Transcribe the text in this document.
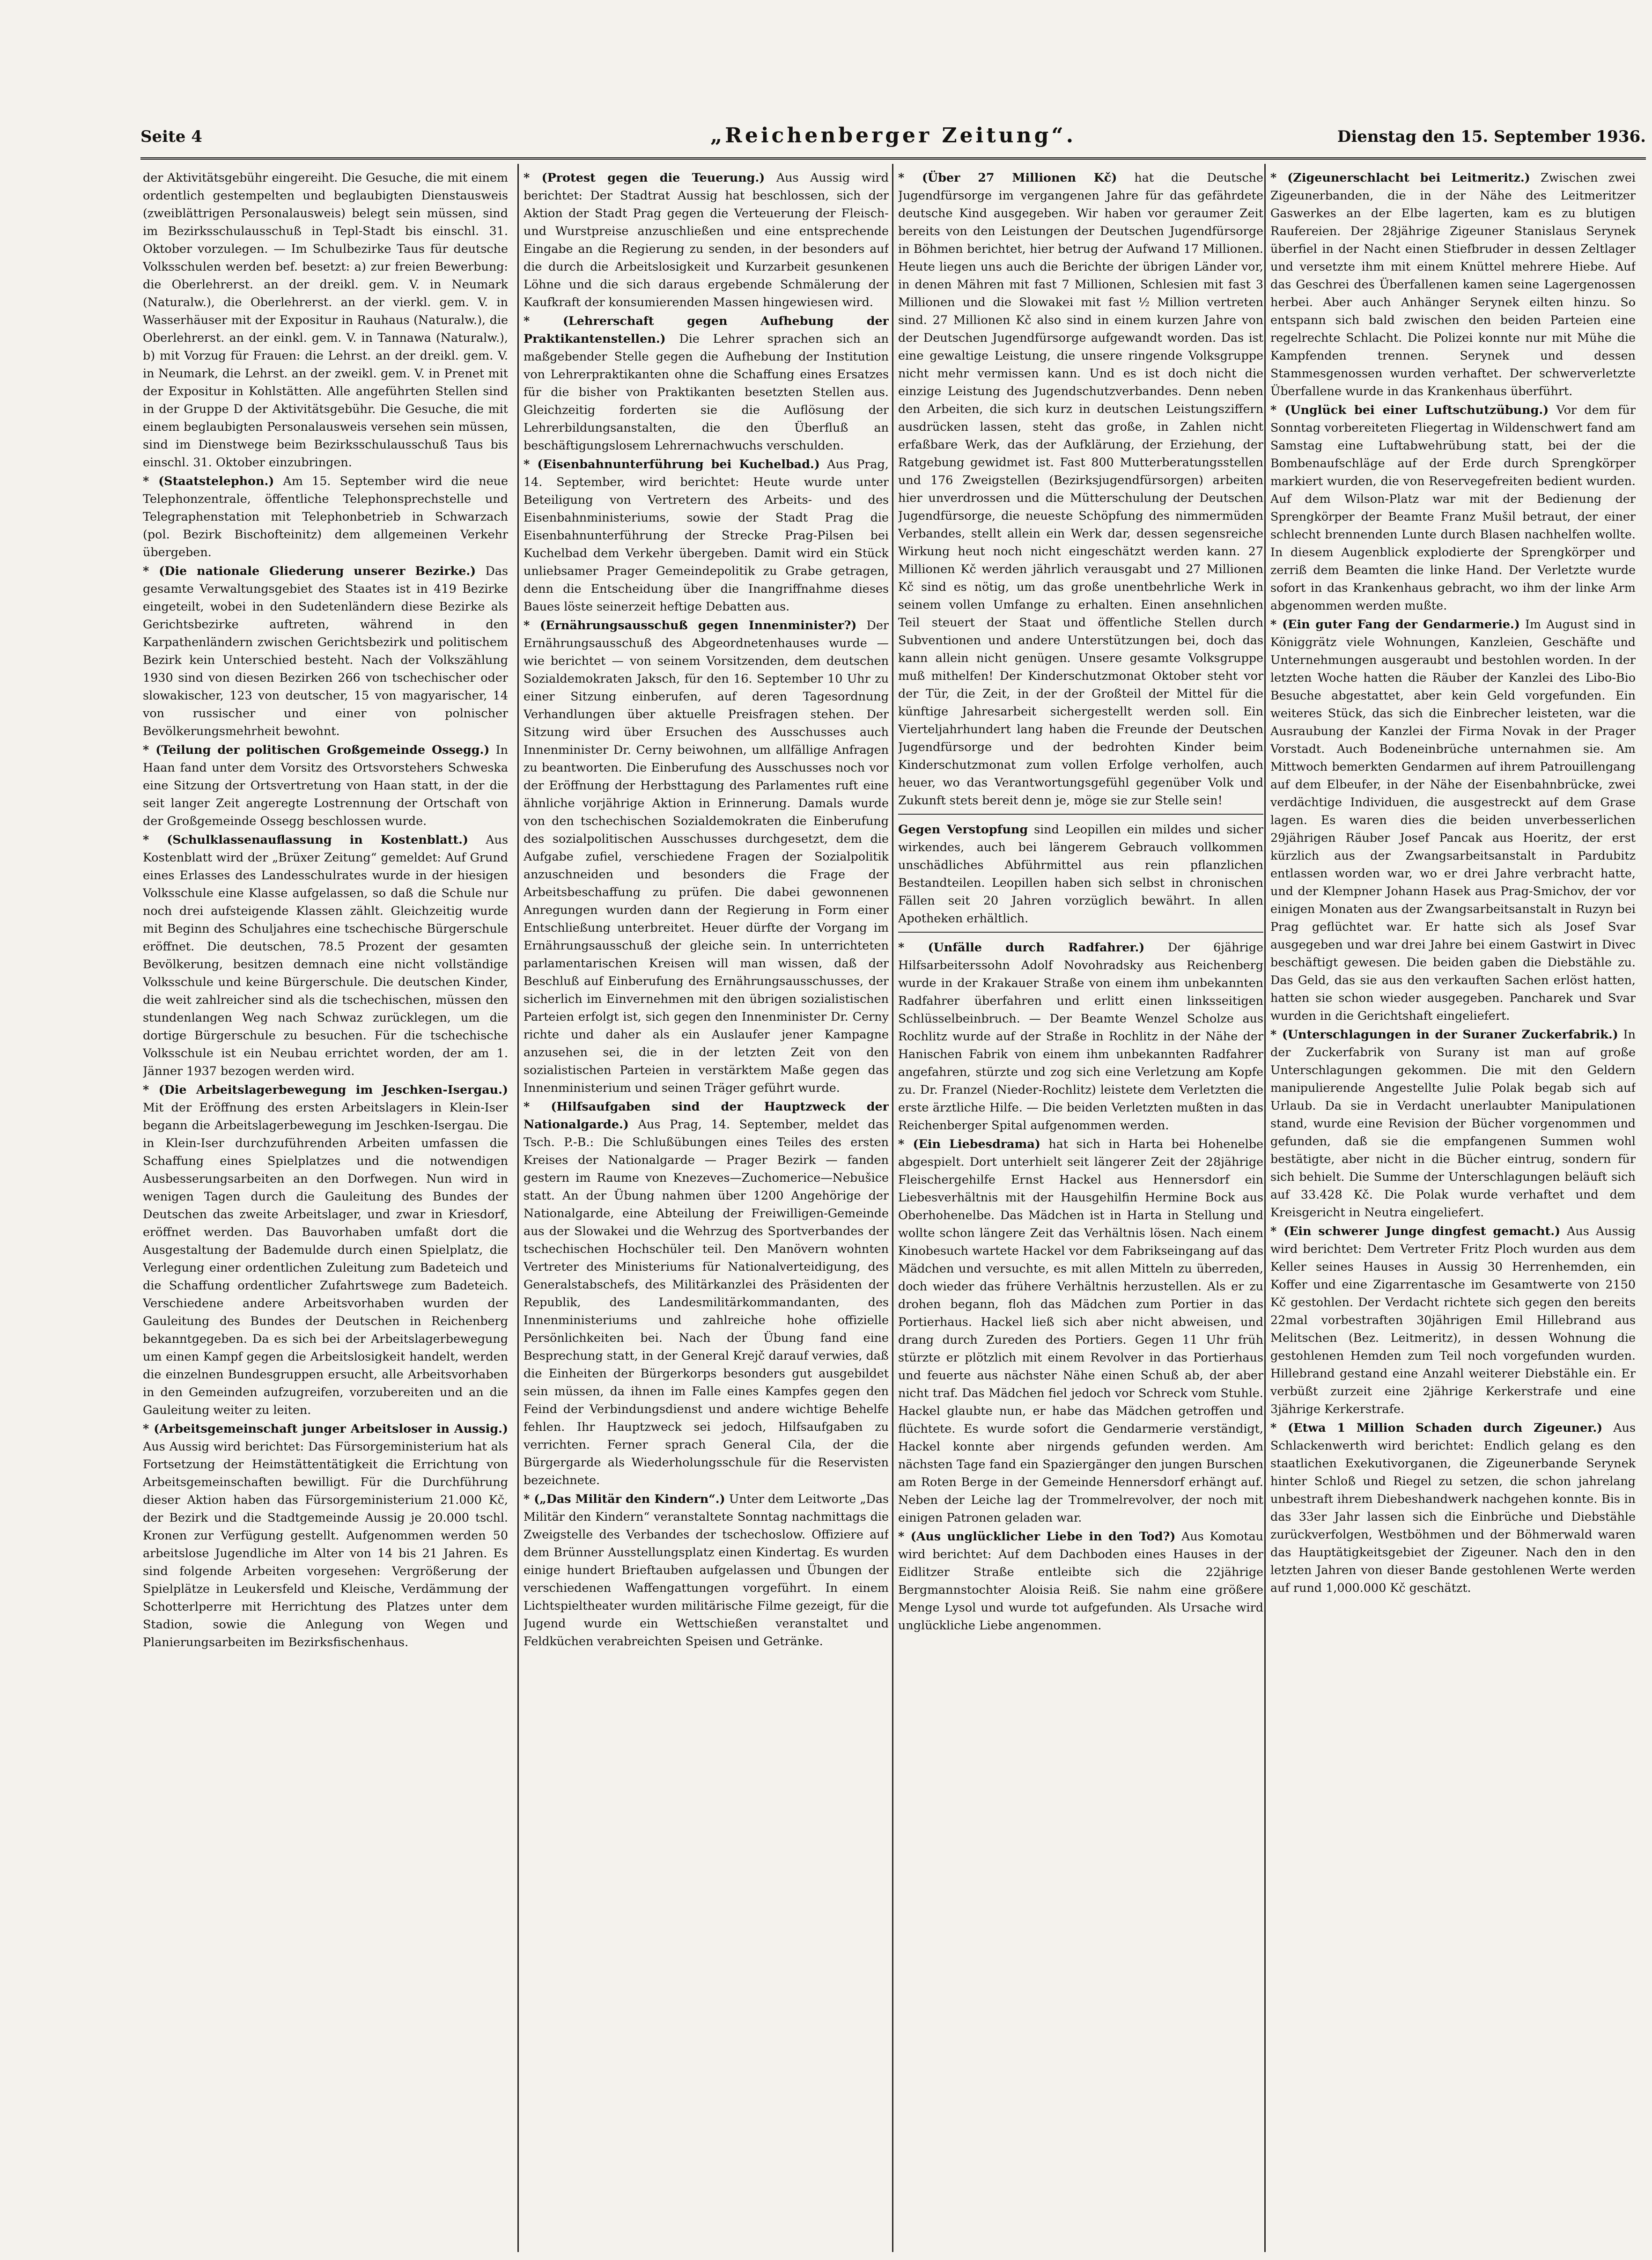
Seite 4	„Reichenberger Zeitung“.	Dienstag den 15. September 1936.

der Aktivitätsgebühr eingereiht. Die Gesuche, die mit einem ordentlich gestempelten und beglaubigten Dienstausweis (zweiblättrigen Personalausweis) belegt sein müssen, sind im Bezirksschulausschuß in Tepl-Stadt bis einschl. 31. Oktober vorzulegen. — Im Schulbezirke Taus für deutsche Volksschulen werden bef. besetzt: a) zur freien Bewerbung: die Oberlehrerst. an der dreikl. gem. V. in Neumark (Naturalw.), die Oberlehrerst. an der vierkl. gem. V. in Wasserhäuser mit der Expositur in Rauhaus (Naturalw.), die Oberlehrerst. an der einkl. gem. V. in Tannawa (Naturalw.), b) mit Vorzug für Frauen: die Lehrst. an der dreikl. gem. V. in Neumark, die Lehrst. an der zweikl. gem. V. in Prenet mit der Expositur in Kohlstätten. Alle angeführten Stellen sind in der Gruppe D der Aktivitätsgebühr. Die Gesuche, die mit einem beglaubigten Personalausweis versehen sein müssen, sind im Dienstwege beim Bezirksschulausschuß Taus bis einschl. 31. Oktober einzubringen.

* (Staatstelephon.) Am 15. September wird die neue Telephonzentrale, öffentliche Telephonsprechstelle und Telegraphenstation mit Telephonbetrieb in Schwarzach (pol. Bezirk Bischofteinitz) dem allgemeinen Verkehr übergeben.

* (Die nationale Gliederung unserer Bezirke.) Das gesamte Verwaltungsgebiet des Staates ist in 419 Bezirke eingeteilt, wobei in den Sudetenländern diese Bezirke als Gerichtsbezirke auftreten, während in den Karpathenländern zwischen Gerichtsbezirk und politischem Bezirk kein Unterschied besteht. Nach der Volkszählung 1930 sind von diesen Bezirken 266 von tschechischer oder slowakischer, 123 von deutscher, 15 von magyarischer, 14 von russischer und einer von polnischer Bevölkerungsmehrheit bewohnt.

* (Teilung der politischen Großgemeinde Ossegg.) In Haan fand unter dem Vorsitz des Ortsvorstehers Schweska eine Sitzung der Ortsvertretung von Haan statt, in der die seit langer Zeit angeregte Lostrennung der Ortschaft von der Großgemeinde Ossegg beschlossen wurde.

* (Schulklassenauflassung in Kostenblatt.) Aus Kostenblatt wird der „Brüxer Zeitung“ gemeldet: Auf Grund eines Erlasses des Landesschulrates wurde in der hiesigen Volksschule eine Klasse aufgelassen, so daß die Schule nur noch drei aufsteigende Klassen zählt. Gleichzeitig wurde mit Beginn des Schuljahres eine tschechische Bürgerschule eröffnet. Die deutschen, 78.5 Prozent der gesamten Bevölkerung, besitzen demnach eine nicht vollständige Volksschule und keine Bürgerschule. Die deutschen Kinder, die weit zahlreicher sind als die tschechischen, müssen den stundenlangen Weg nach Schwaz zurücklegen, um die dortige Bürgerschule zu besuchen. Für die tschechische Volksschule ist ein Neubau errichtet worden, der am 1. Jänner 1937 bezogen werden wird.

* (Die Arbeitslagerbewegung im Jeschken-Isergau.) Mit der Eröffnung des ersten Arbeitslagers in Klein-Iser begann die Arbeitslagerbewegung im Jeschken-Isergau. Die in Klein-Iser durchzuführenden Arbeiten umfassen die Schaffung eines Spielplatzes und die notwendigen Ausbesserungsarbeiten an den Dorfwegen. Nun wird in wenigen Tagen durch die Gauleitung des Bundes der Deutschen das zweite Arbeitslager, und zwar in Kriesdorf, eröffnet werden. Das Bauvorhaben umfaßt dort die Ausgestaltung der Bademulde durch einen Spielplatz, die Verlegung einer ordentlichen Zuleitung zum Badeteich und die Schaffung ordentlicher Zufahrtswege zum Badeteich. Verschiedene andere Arbeitsvorhaben wurden der Gauleitung des Bundes der Deutschen in Reichenberg bekanntgegeben. Da es sich bei der Arbeitslagerbewegung um einen Kampf gegen die Arbeitslosigkeit handelt, werden die einzelnen Bundesgruppen ersucht, alle Arbeitsvorhaben in den Gemeinden aufzugreifen, vorzubereiten und an die Gauleitung weiter zu leiten.

* (Arbeitsgemeinschaft junger Arbeitsloser in Aussig.) Aus Aussig wird berichtet: Das Fürsorgeministerium hat als Fortsetzung der Heimstättentätigkeit die Errichtung von Arbeitsgemeinschaften bewilligt. Für die Durchführung dieser Aktion haben das Fürsorgeministerium 21.000 Kč, der Bezirk und die Stadtgemeinde Aussig je 20.000 tschl. Kronen zur Verfügung gestellt. Aufgenommen werden 50 arbeitslose Jugendliche im Alter von 14 bis 21 Jahren. Es sind folgende Arbeiten vorgesehen: Vergrößerung der Spielplätze in Leukersfeld und Kleische, Verdämmung der Schotterlperre mit Herrichtung des Platzes unter dem Stadion, sowie die Anlegung von Wegen und Planierungsarbeiten im Bezirksfischenhaus.

* (Protest gegen die Teuerung.) Aus Aussig wird berichtet: Der Stadtrat Aussig hat beschlossen, sich der Aktion der Stadt Prag gegen die Verteuerung der Fleisch- und Wurstpreise anzuschließen und eine entsprechende Eingabe an die Regierung zu senden, in der besonders auf die durch die Arbeitslosigkeit und Kurzarbeit gesunkenen Löhne und die sich daraus ergebende Schmälerung der Kaufkraft der konsumierenden Massen hingewiesen wird.

* (Lehrerschaft gegen Aufhebung der Praktikantenstellen.) Die Lehrer sprachen sich an maßgebender Stelle gegen die Aufhebung der Institution von Lehrerpraktikanten ohne die Schaffung eines Ersatzes für die bisher von Praktikanten besetzten Stellen aus. Gleichzeitig forderten sie die Auflösung der Lehrerbildungsanstalten, die den Überfluß an beschäftigungslosem Lehrernachwuchs verschulden.

* (Eisenbahnunterführung bei Kuchelbad.) Aus Prag, 14. September, wird berichtet: Heute wurde unter Beteiligung von Vertretern des Arbeits- und des Eisenbahnministeriums, sowie der Stadt Prag die Eisenbahnunterführung der Strecke Prag-Pilsen bei Kuchelbad dem Verkehr übergeben. Damit wird ein Stück unliebsamer Prager Gemeindepolitik zu Grabe getragen, denn die Entscheidung über die Inangriffnahme dieses Baues löste seinerzeit heftige Debatten aus.

* (Ernährungsausschuß gegen Innenminister?) Der Ernährungsausschuß des Abgeordnetenhauses wurde — wie berichtet — von seinem Vorsitzenden, dem deutschen Sozialdemokraten Jaksch, für den 16. September 10 Uhr zu einer Sitzung einberufen, auf deren Tagesordnung Verhandlungen über aktuelle Preisfragen stehen. Der Sitzung wird über Ersuchen des Ausschusses auch Innenminister Dr. Cerny beiwohnen, um allfällige Anfragen zu beantworten. Die Einberufung des Ausschusses noch vor der Eröffnung der Herbsttagung des Parlamentes ruft eine ähnliche vorjährige Aktion in Erinnerung. Damals wurde von den tschechischen Sozialdemokraten die Einberufung des sozialpolitischen Ausschusses durchgesetzt, dem die Aufgabe zufiel, verschiedene Fragen der Sozialpolitik anzuschneiden und besonders die Frage der Arbeitsbeschaffung zu prüfen. Die dabei gewonnenen Anregungen wurden dann der Regierung in Form einer Entschließung unterbreitet. Heuer dürfte der Vorgang im Ernährungsausschuß der gleiche sein. In unterrichteten parlamentarischen Kreisen will man wissen, daß der Beschluß auf Einberufung des Ernährungsausschusses, der sicherlich im Einvernehmen mit den übrigen sozialistischen Parteien erfolgt ist, sich gegen den Innenminister Dr. Cerny richte und daher als ein Auslaufer jener Kampagne anzusehen sei, die in der letzten Zeit von den sozialistischen Parteien in verstärktem Maße gegen das Innenministerium und seinen Träger geführt wurde.

* (Hilfsaufgaben sind der Hauptzweck der Nationalgarde.) Aus Prag, 14. September, meldet das Tsch. P.-B.: Die Schlußübungen eines Teiles des ersten Kreises der Nationalgarde — Prager Bezirk — fanden gestern im Raume von Knezeves—Zuchomerice—Nebušice statt. An der Übung nahmen über 1200 Angehörige der Nationalgarde, eine Abteilung der Freiwilligen-Gemeinde aus der Slowakei und die Wehrzug des Sportverbandes der tschechischen Hochschüler teil. Den Manövern wohnten Vertreter des Ministeriums für Nationalverteidigung, des Generalstabschefs, des Militärkanzlei des Präsidenten der Republik, des Landesmilitärkommandanten, des Innenministeriums und zahlreiche hohe offizielle Persönlichkeiten bei. Nach der Übung fand eine Besprechung statt, in der General Krejč darauf verwies, daß die Einheiten der Bürgerkorps besonders gut ausgebildet sein müssen, da ihnen im Falle eines Kampfes gegen den Feind der Verbindungsdienst und andere wichtige Behelfe fehlen. Ihr Hauptzweck sei jedoch, Hilfsaufgaben zu verrichten. Ferner sprach General Cila, der die Bürgergarde als Wiederholungsschule für die Reservisten bezeichnete.

* („Das Militär den Kindern“.) Unter dem Leitworte „Das Militär den Kindern“ veranstaltete Sonntag nachmittags die Zweigstelle des Verbandes der tschechoslow. Offiziere auf dem Brünner Ausstellungsplatz einen Kindertag. Es wurden einige hundert Brieftauben aufgelassen und Übungen der verschiedenen Waffengattungen vorgeführt. In einem Lichtspieltheater wurden militärische Filme gezeigt, für die Jugend wurde ein Wettschießen veranstaltet und Feldküchen verabreichten Speisen und Getränke.

* (Über 27 Millionen Kč) hat die Deutsche Jugendfürsorge im vergangenen Jahre für das gefährdete deutsche Kind ausgegeben. Wir haben vor geraumer Zeit bereits von den Leistungen der Deutschen Jugendfürsorge in Böhmen berichtet, hier betrug der Aufwand 17 Millionen. Heute liegen uns auch die Berichte der übrigen Länder vor, in denen Mähren mit fast 7 Millionen, Schlesien mit fast 3 Millionen und die Slowakei mit fast ½ Million vertreten sind. 27 Millionen Kč also sind in einem kurzen Jahre von der Deutschen Jugendfürsorge aufgewandt worden. Das ist eine gewaltige Leistung, die unsere ringende Volksgruppe nicht mehr vermissen kann. Und es ist doch nicht die einzige Leistung des Jugendschutzverbandes. Denn neben den Arbeiten, die sich kurz in deutschen Leistungsziffern ausdrücken lassen, steht das große, in Zahlen nicht erfaßbare Werk, das der Aufklärung, der Erziehung, der Ratgebung gewidmet ist. Fast 800 Mutterberatungsstellen und 176 Zweigstellen (Bezirksjugendfürsorgen) arbeiten hier unverdrossen und die Mütterschulung der Deutschen Jugendfürsorge, die neueste Schöpfung des nimmermüden Verbandes, stellt allein ein Werk dar, dessen segensreiche Wirkung heut noch nicht eingeschätzt werden kann. 27 Millionen Kč werden jährlich verausgabt und 27 Millionen Kč sind es nötig, um das große unentbehrliche Werk in seinem vollen Umfange zu erhalten. Einen ansehnlichen Teil steuert der Staat und öffentliche Stellen durch Subventionen und andere Unterstützungen bei, doch das kann allein nicht genügen. Unsere gesamte Volksgruppe muß mithelfen! Der Kinderschutzmonat Oktober steht vor der Tür, die Zeit, in der der Großteil der Mittel für die künftige Jahresarbeit sichergestellt werden soll. Ein Vierteljahrhundert lang haben die Freunde der Deutschen Jugendfürsorge und der bedrohten Kinder beim Kinderschutzmonat zum vollen Erfolge verholfen, auch heuer, wo das Verantwortungsgefühl gegenüber Volk und Zukunft stets bereit denn je, möge sie zur Stelle sein!

Gegen Verstopfung sind Leopillen ein mildes und sicher wirkendes, auch bei längerem Gebrauch vollkommen unschädliches Abführmittel aus rein pflanzlichen Bestandteilen. Leopillen haben sich selbst in chronischen Fällen seit 20 Jahren vorzüglich bewährt. In allen Apotheken erhältlich.

* (Unfälle durch Radfahrer.) Der 6jährige Hilfsarbeiterssohn Adolf Novohradsky aus Reichenberg wurde in der Krakauer Straße von einem ihm unbekannten Radfahrer überfahren und erlitt einen linksseitigen Schlüsselbeinbruch. — Der Beamte Wenzel Scholze aus Rochlitz wurde auf der Straße in Rochlitz in der Nähe der Hanischen Fabrik von einem ihm unbekannten Radfahrer angefahren, stürzte und zog sich eine Verletzung am Kopfe zu. Dr. Franzel (Nieder-Rochlitz) leistete dem Verletzten die erste ärztliche Hilfe. — Die beiden Verletzten mußten in das Reichenberger Spital aufgenommen werden.

* (Ein Liebesdrama) hat sich in Harta bei Hohenelbe abgespielt. Dort unterhielt seit längerer Zeit der 28jährige Fleischergehilfe Ernst Hackel aus Hennersdorf ein Liebesverhältnis mit der Hausgehilfin Hermine Bock aus Oberhohenelbe. Das Mädchen ist in Harta in Stellung und wollte schon längere Zeit das Verhältnis lösen. Nach einem Kinobesuch wartete Hackel vor dem Fabrikseingang auf das Mädchen und versuchte, es mit allen Mitteln zu überreden, doch wieder das frühere Verhältnis herzustellen. Als er zu drohen begann, floh das Mädchen zum Portier in das Portierhaus. Hackel ließ sich aber nicht abweisen, und drang durch Zureden des Portiers. Gegen 11 Uhr früh stürzte er plötzlich mit einem Revolver in das Portierhaus und feuerte aus nächster Nähe einen Schuß ab, der aber nicht traf. Das Mädchen fiel jedoch vor Schreck vom Stuhle. Hackel glaubte nun, er habe das Mädchen getroffen und flüchtete. Es wurde sofort die Gendarmerie verständigt, Hackel konnte aber nirgends gefunden werden. Am nächsten Tage fand ein Spaziergänger den jungen Burschen am Roten Berge in der Gemeinde Hennersdorf erhängt auf. Neben der Leiche lag der Trommelrevolver, der noch mit einigen Patronen geladen war.

* (Aus unglücklicher Liebe in den Tod?) Aus Komotau wird berichtet: Auf dem Dachboden eines Hauses in der Eidlitzer Straße entleibte sich die 22jährige Bergmannstochter Aloisia Reiß. Sie nahm eine größere Menge Lysol und wurde tot aufgefunden. Als Ursache wird unglückliche Liebe angenommen.

* (Zigeunerschlacht bei Leitmeritz.) Zwischen zwei Zigeunerbanden, die in der Nähe des Leitmeritzer Gaswerkes an der Elbe lagerten, kam es zu blutigen Raufereien. Der 28jährige Zigeuner Stanislaus Serynek überfiel in der Nacht einen Stiefbruder in dessen Zeltlager und versetzte ihm mit einem Knüttel mehrere Hiebe. Auf das Geschrei des Überfallenen kamen seine Lagergenossen herbei. Aber auch Anhänger Serynek eilten hinzu. So entspann sich bald zwischen den beiden Parteien eine regelrechte Schlacht. Die Polizei konnte nur mit Mühe die Kampfenden trennen. Serynek und dessen Stammesgenossen wurden verhaftet. Der schwerverletzte Überfallene wurde in das Krankenhaus überführt.

* (Unglück bei einer Luftschutzübung.) Vor dem für Sonntag vorbereiteten Fliegertag in Wildenschwert fand am Samstag eine Luftabwehrübung statt, bei der die Bombenaufschläge auf der Erde durch Sprengkörper markiert wurden, die von Reservegefreiten bedient wurden. Auf dem Wilson-Platz war mit der Bedienung der Sprengkörper der Beamte Franz Mušil betraut, der einer schlecht brennenden Lunte durch Blasen nachhelfen wollte. In diesem Augenblick explodierte der Sprengkörper und zerriß dem Beamten die linke Hand. Der Verletzte wurde sofort in das Krankenhaus gebracht, wo ihm der linke Arm abgenommen werden mußte.

* (Ein guter Fang der Gendarmerie.) Im August sind in Königgrätz viele Wohnungen, Kanzleien, Geschäfte und Unternehmungen ausgeraubt und bestohlen worden. In der letzten Woche hatten die Räuber der Kanzlei des Libo-Bio Besuche abgestattet, aber kein Geld vorgefunden. Ein weiteres Stück, das sich die Einbrecher leisteten, war die Ausraubung der Kanzlei der Firma Novak in der Prager Vorstadt. Auch Bodeneinbrüche unternahmen sie. Am Mittwoch bemerkten Gendarmen auf ihrem Patrouillengang auf dem Elbeufer, in der Nähe der Eisenbahnbrücke, zwei verdächtige Individuen, die ausgestreckt auf dem Grase lagen. Es waren dies die beiden unverbesserlichen 29jährigen Räuber Josef Pancak aus Hoeritz, der erst kürzlich aus der Zwangsarbeitsanstalt in Pardubitz entlassen worden war, wo er drei Jahre verbracht hatte, und der Klempner Johann Hasek aus Prag-Smichov, der vor einigen Monaten aus der Zwangsarbeitsanstalt in Ruzyn bei Prag geflüchtet war. Er hatte sich als Josef Svar ausgegeben und war drei Jahre bei einem Gastwirt in Divec beschäftigt gewesen. Die beiden gaben die Diebstähle zu. Das Geld, das sie aus den verkauften Sachen erlöst hatten, hatten sie schon wieder ausgegeben. Pancharek und Svar wurden in die Gerichtshaft eingeliefert.

* (Unterschlagungen in der Suraner Zuckerfabrik.) In der Zuckerfabrik von Surany ist man auf große Unterschlagungen gekommen. Die mit den Geldern manipulierende Angestellte Julie Polak begab sich auf Urlaub. Da sie in Verdacht unerlaubter Manipulationen stand, wurde eine Revision der Bücher vorgenommen und gefunden, daß sie die empfangenen Summen wohl bestätigte, aber nicht in die Bücher eintrug, sondern für sich behielt. Die Summe der Unterschlagungen beläuft sich auf 33.428 Kč. Die Polak wurde verhaftet und dem Kreisgericht in Neutra eingeliefert.

* (Ein schwerer Junge dingfest gemacht.) Aus Aussig wird berichtet: Dem Vertreter Fritz Ploch wurden aus dem Keller seines Hauses in Aussig 30 Herrenhemden, ein Koffer und eine Zigarrentasche im Gesamtwerte von 2150 Kč gestohlen. Der Verdacht richtete sich gegen den bereits 22mal vorbestraften 30jährigen Emil Hillebrand aus Melitschen (Bez. Leitmeritz), in dessen Wohnung die gestohlenen Hemden zum Teil noch vorgefunden wurden. Hillebrand gestand eine Anzahl weiterer Diebstähle ein. Er verbüßt zurzeit eine 2jährige Kerkerstrafe und eine 3jährige Kerkerstrafe.

* (Etwa 1 Million Schaden durch Zigeuner.) Aus Schlackenwerth wird berichtet: Endlich gelang es den staatlichen Exekutivorganen, die Zigeunerbande Serynek hinter Schloß und Riegel zu setzen, die schon jahrelang unbestraft ihrem Diebeshandwerk nachgehen konnte. Bis in das 33er Jahr lassen sich die Einbrüche und Diebstähle zurückverfolgen, Westböhmen und der Böhmerwald waren das Hauptätigkeitsgebiet der Zigeuner. Nach den in den letzten Jahren von dieser Bande gestohlenen Werte werden auf rund 1,000.000 Kč geschätzt.
